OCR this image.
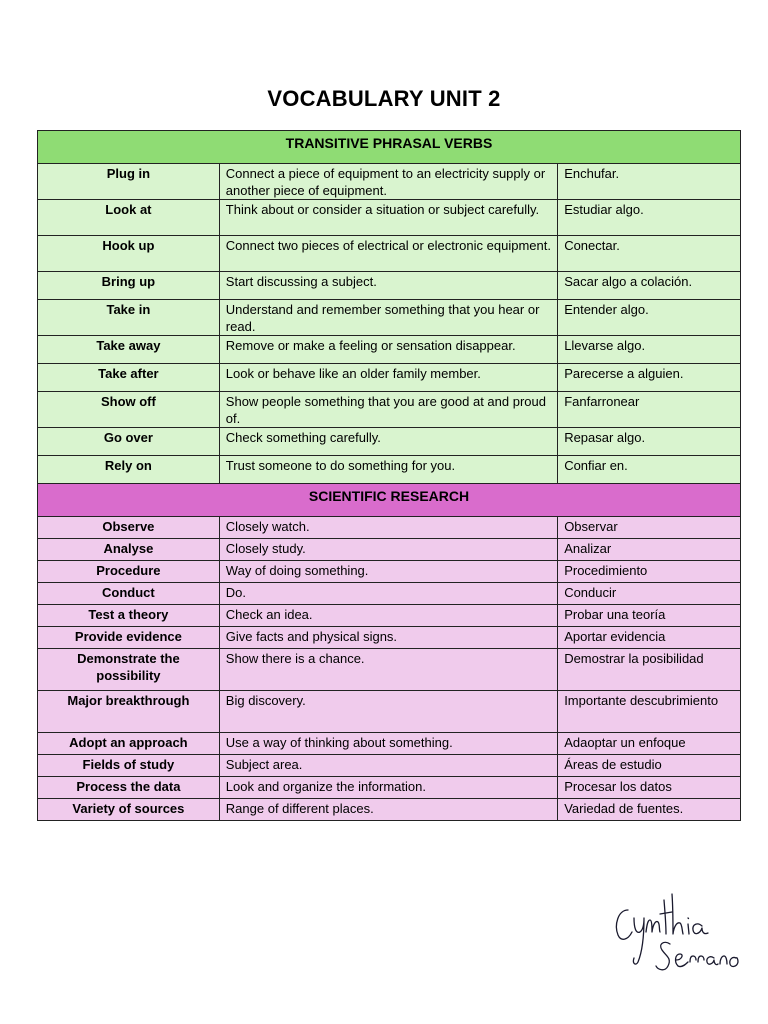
VOCABULARY UNIT 2
TRANSITIVE PHRASAL VERBS		
Plug in	Connect a piece of equipment to an electricity supply or another piece of equipment.	Enchufar.
Look at	Think about or consider a situation or subject carefully.	Estudiar algo.
Hook up	Connect two pieces of electrical or electronic equipment.	Conectar.
Bring up	Start discussing a subject.	Sacar algo a colación.
Take in	Understand and remember something that you hear or read.	Entender algo.
Take away	Remove or make a feeling or sensation disappear.	Llevarse algo.
Take after	Look or behave like an older family member.	Parecerse a alguien.
Show off	Show people something that you are good at and proud of.	Fanfarronear
Go over	Check something carefully.	Repasar algo.
Rely on	Trust someone to do something for you.	Confiar en.
SCIENTIFIC RESEARCH		
Observe	Closely watch.	Observar
Analyse	Closely study.	Analizar
Procedure	Way of doing something.	Procedimiento
Conduct	Do.	Conducir
Test a theory	Check an idea.	Probar una teoría
Provide evidence	Give facts and physical signs.	Aportar evidencia
Demonstrate the possibility	Show there is a chance.	Demostrar la posibilidad
Major breakthrough	Big discovery.	Importante descubrimiento
Adopt an approach	Use a way of thinking about something.	Adaoptar un enfoque
Fields of study	Subject area.	Áreas de estudio
Process the data	Look and organize the information.	Procesar los datos
Variety of sources	Range of different places.	Variedad de fuentes.
